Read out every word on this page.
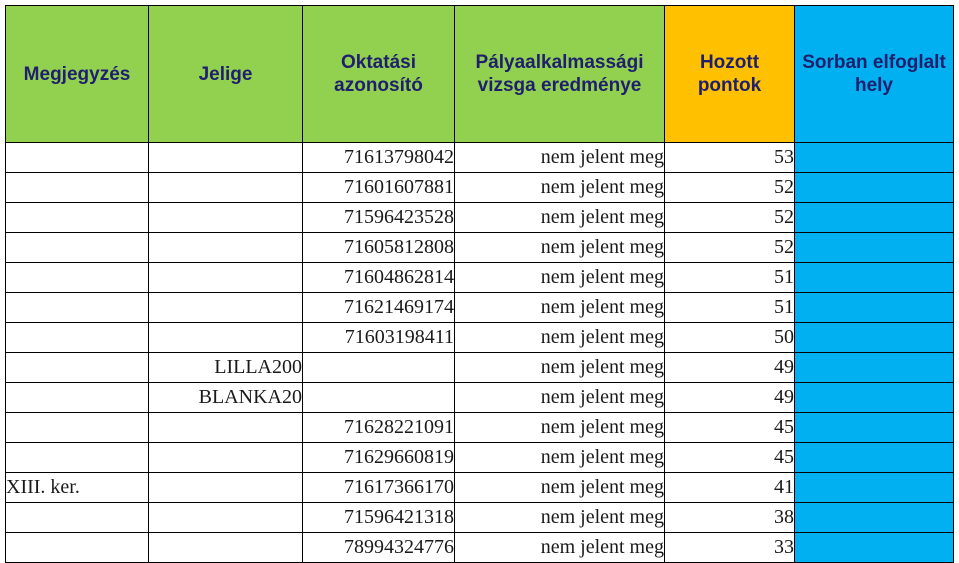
Megjegyzés	Jelige	Oktatási azonosító	Pályaalkalmassági vizsga eredménye	Hozott pontok	Sorban elfoglalt hely
		71613798042	nem jelent meg	53	
		71601607881	nem jelent meg	52	
		71596423528	nem jelent meg	52	
		71605812808	nem jelent meg	52	
		71604862814	nem jelent meg	51	
		71621469174	nem jelent meg	51	
		71603198411	nem jelent meg	50	
	LILLA200		nem jelent meg	49	
	BLANKA20		nem jelent meg	49	
		71628221091	nem jelent meg	45	
		71629660819	nem jelent meg	45	
XIII. ker.		71617366170	nem jelent meg	41	
		71596421318	nem jelent meg	38	
		78994324776	nem jelent meg	33	
